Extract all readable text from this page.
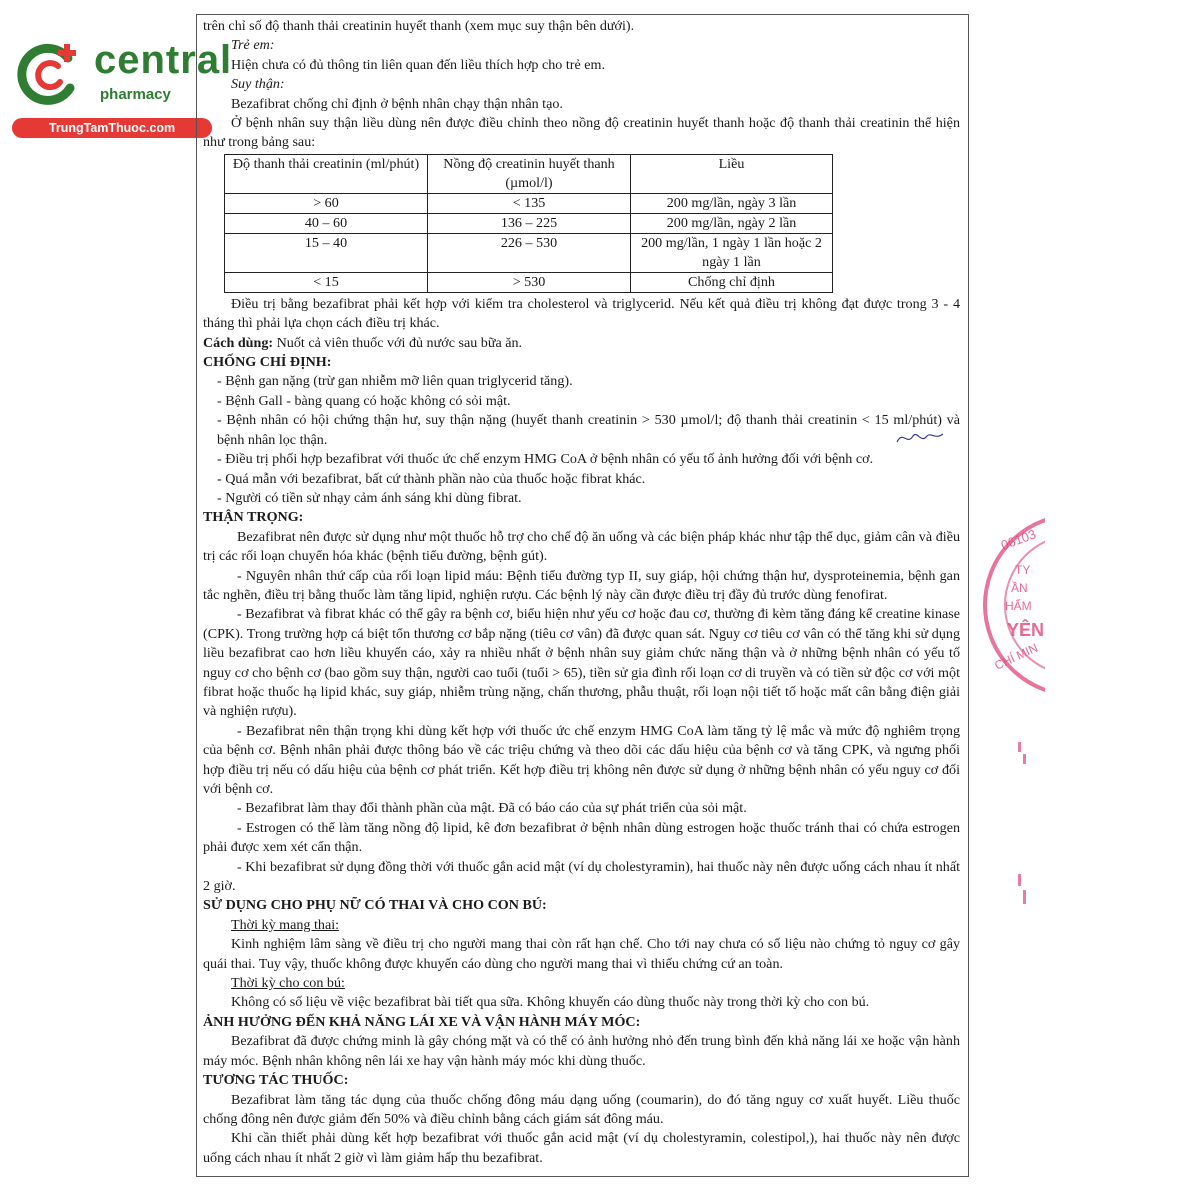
central
pharmacy
TrungTamThuoc.com

trên chỉ số độ thanh thải creatinin huyết thanh (xem mục suy thận bên dưới).

Trẻ em:

Hiện chưa có đủ thông tin liên quan đến liều thích hợp cho trẻ em.

Suy thận:

Bezafibrat chống chỉ định ở bệnh nhân chạy thận nhân tạo.

Ở bệnh nhân suy thận liều dùng nên được điều chỉnh theo nồng độ creatinin huyết thanh hoặc độ thanh thải creatinin thể hiện như trong bảng sau:

Độ thanh thải creatinin (ml/phút)	Nồng độ creatinin huyết thanh (µmol/l)	Liều
> 60	< 135	200 mg/lần, ngày 3 lần
40 – 60	136 – 225	200 mg/lần, ngày 2 lần
15 – 40	226 – 530	200 mg/lần, 1 ngày 1 lần hoặc 2 ngày 1 lần
< 15	> 530	Chống chỉ định

Điều trị bằng bezafibrat phải kết hợp với kiểm tra cholesterol và triglycerid. Nếu kết quả điều trị không đạt được trong 3 - 4 tháng thì phải lựa chọn cách điều trị khác.

Cách dùng: Nuốt cả viên thuốc với đủ nước sau bữa ăn.

CHỐNG CHỈ ĐỊNH:

- Bệnh gan nặng (trừ gan nhiễm mỡ liên quan triglycerid tăng).

- Bệnh Gall - bàng quang có hoặc không có sỏi mật.

- Bệnh nhân có hội chứng thận hư, suy thận nặng (huyết thanh creatinin > 530 µmol/l; độ thanh thải creatinin < 15 ml/phút) và bệnh nhân lọc thận.

- Điều trị phối hợp bezafibrat với thuốc ức chế enzym HMG CoA ở bệnh nhân có yếu tố ảnh hưởng đối với bệnh cơ.

- Quá mẫn với bezafibrat, bất cứ thành phần nào của thuốc hoặc fibrat khác.

- Người có tiền sử nhạy cảm ánh sáng khi dùng fibrat.

THẬN TRỌNG:

Bezafibrat nên được sử dụng như một thuốc hỗ trợ cho chế độ ăn uống và các biện pháp khác như tập thể dục, giảm cân và điều trị các rối loạn chuyển hóa khác (bệnh tiểu đường, bệnh gút).

- Nguyên nhân thứ cấp của rối loạn lipid máu: Bệnh tiểu đường typ II, suy giáp, hội chứng thận hư, dysproteinemia, bệnh gan tắc nghẽn, điều trị bằng thuốc làm tăng lipid, nghiện rượu. Các bệnh lý này cần được điều trị đầy đủ trước dùng fenofirat.

- Bezafibrat và fibrat khác có thể gây ra bệnh cơ, biểu hiện như yếu cơ hoặc đau cơ, thường đi kèm tăng đáng kể creatine kinase (CPK). Trong trường hợp cá biệt tổn thương cơ bắp nặng (tiêu cơ vân) đã được quan sát. Nguy cơ tiêu cơ vân có thể tăng khi sử dụng liều bezafibrat cao hơn liều khuyến cáo, xảy ra nhiều nhất ở bệnh nhân suy giảm chức năng thận và ở những bệnh nhân có yếu tố nguy cơ cho bệnh cơ (bao gồm suy thận, người cao tuổi (tuổi > 65), tiền sử gia đình rối loạn cơ di truyền và có tiền sử độc cơ với một fibrat hoặc thuốc hạ lipid khác, suy giáp, nhiễm trùng nặng, chấn thương, phẫu thuật, rối loạn nội tiết tố hoặc mất cân bằng điện giải và nghiện rượu).

- Bezafibrat nên thận trọng khi dùng kết hợp với thuốc ức chế enzym HMG CoA làm tăng tỷ lệ mắc và mức độ nghiêm trọng của bệnh cơ. Bệnh nhân phải được thông báo về các triệu chứng và theo dõi các dấu hiệu của bệnh cơ và tăng CPK, và ngưng phối hợp điều trị nếu có dấu hiệu của bệnh cơ phát triển. Kết hợp điều trị không nên được sử dụng ở những bệnh nhân có yếu nguy cơ đối với bệnh cơ.

- Bezafibrat làm thay đổi thành phần của mật. Đã có báo cáo của sự phát triển của sỏi mật.

- Estrogen có thể làm tăng nồng độ lipid, kê đơn bezafibrat ở bệnh nhân dùng estrogen hoặc thuốc tránh thai có chứa estrogen phải được xem xét cẩn thận.

- Khi bezafibrat sử dụng đồng thời với thuốc gắn acid mật (ví dụ cholestyramin), hai thuốc này nên được uống cách nhau ít nhất 2 giờ.

SỬ DỤNG CHO PHỤ NỮ CÓ THAI VÀ CHO CON BÚ:

Thời kỳ mang thai:

Kinh nghiệm lâm sàng về điều trị cho người mang thai còn rất hạn chế. Cho tới nay chưa có số liệu nào chứng tỏ nguy cơ gây quái thai. Tuy vậy, thuốc không được khuyến cáo dùng cho người mang thai vì thiếu chứng cứ an toàn.

Thời kỳ cho con bú:

Không có số liệu về việc bezafibrat bài tiết qua sữa. Không khuyến cáo dùng thuốc này trong thời kỳ cho con bú.

ẢNH HƯỞNG ĐẾN KHẢ NĂNG LÁI XE VÀ VẬN HÀNH MÁY MÓC:

Bezafibrat đã được chứng minh là gây chóng mặt và có thể có ảnh hưởng nhỏ đến trung bình đến khả năng lái xe hoặc vận hành máy móc. Bệnh nhân không nên lái xe hay vận hành máy móc khi dùng thuốc.

TƯƠNG TÁC THUỐC:

Bezafibrat làm tăng tác dụng của thuốc chống đông máu dạng uống (coumarin), do đó tăng nguy cơ xuất huyết. Liều thuốc chống đông nên được giảm đến 50% và điều chỉnh bằng cách giám sát đông máu.

Khi cần thiết phải dùng kết hợp bezafibrat với thuốc gắn acid mật (ví dụ cholestyramin, colestipol,), hai thuốc này nên được uống cách nhau ít nhất 2 giờ vì làm giảm hấp thu bezafibrat.

06103
TY
ẦN
HẨM
YÊN
CHÍ MIN
